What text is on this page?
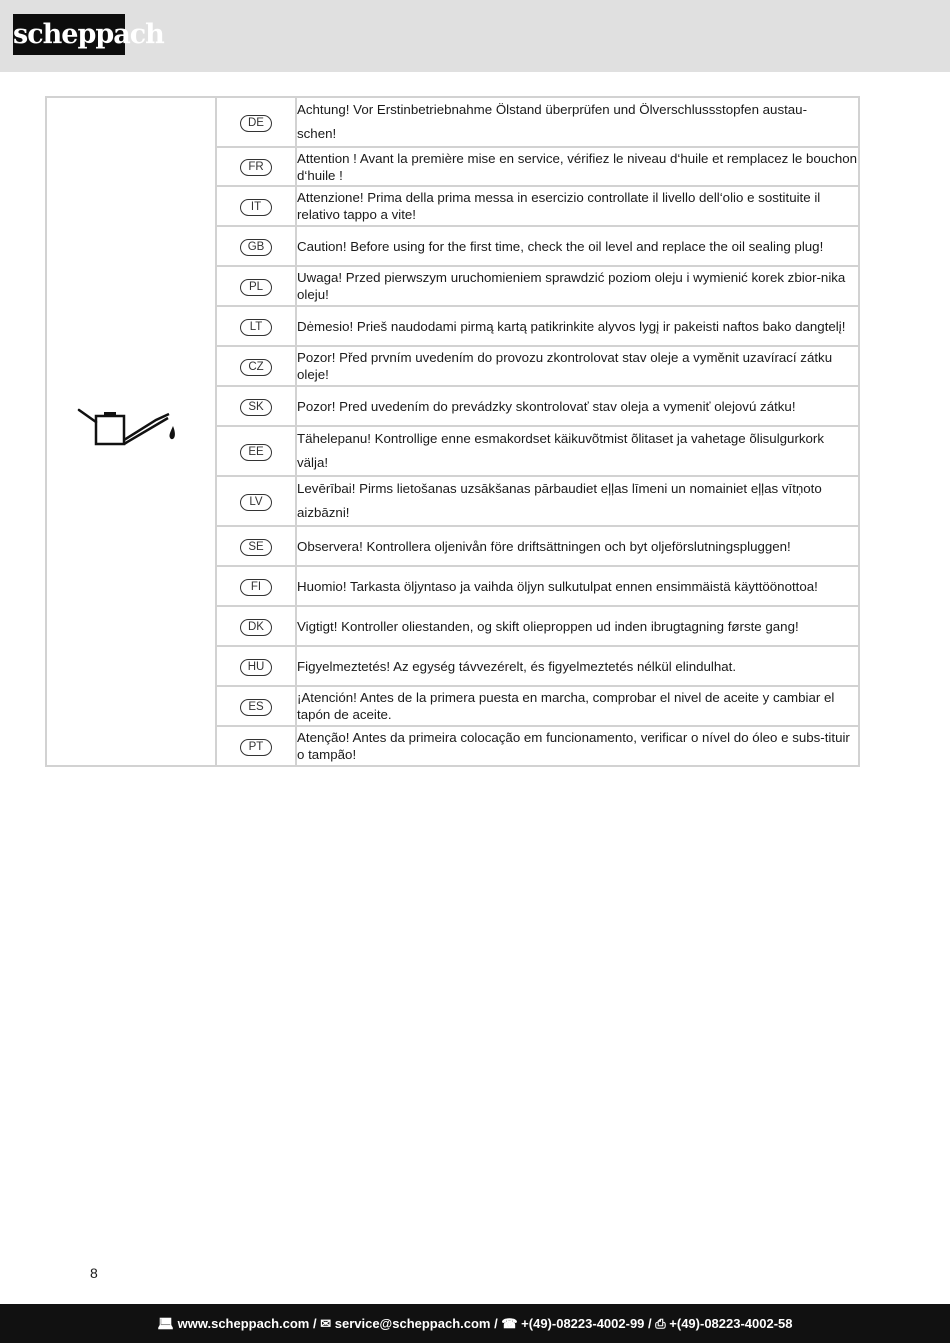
scheppach
	DE	Achtung! Vor Erstinbetriebnahme Ölstand überprüfen und Ölverschlussstopfen austau-
schen!
	FR	Attention ! Avant la première mise en service, vérifiez le niveau d‘huile et remplacez le bouchon d‘huile !
	IT	Attenzione! Prima della prima messa in esercizio controllate il livello dell‘olio e sostituite il relativo tappo a vite!
	GB	Caution! Before using for the first time, check the oil level and replace the oil sealing plug!
	PL	Uwaga! Przed pierwszym uruchomieniem sprawdzić poziom oleju i wymienić korek zbior-nika oleju!
	LT	Dėmesio! Prieš naudodami pirmą kartą patikrinkite alyvos lygį ir pakeisti naftos bako dangtelį!
	CZ	Pozor! Před prvním uvedením do provozu zkontrolovat stav oleje a vyměnit uzavírací zátku oleje!
	SK	Pozor! Pred uvedením do prevádzky skontrolovať stav oleja a vymeniť olejovú zátku!
	EE	Tähelepanu! Kontrollige enne esmakordset käikuvõtmist õlitaset ja vahetage õlisulgurkork
välja!
	LV	Levērībai! Pirms lietošanas uzsākšanas pārbaudiet eļļas līmeni un nomainiet eļļas vītņoto
aizbāzni!
	SE	Observera! Kontrollera oljenivån före driftsättningen och byt oljeförslutningspluggen!
	FI	Huomio! Tarkasta öljyntaso ja vaihda öljyn sulkutulpat ennen ensimmäistä käyttöönottoa!
	DK	Vigtigt! Kontroller oliestanden, og skift olieproppen ud inden ibrugtagning første gang!
	HU	Figyelmeztetés! Az egység távvezérelt, és figyelmeztetés nélkül elindulhat.
	ES	¡Atención! Antes de la primera puesta en marcha, comprobar el nivel de aceite y cambiar el tapón de aceite.
	PT	Atenção! Antes da primeira colocação em funcionamento, verificar o nível do óleo e subs-tituir o tampão!
8
💻︎ www.scheppach.com / ✉︎ service@scheppach.com / ☎ +(49)-08223-4002-99 / ⎙ +(49)-08223-4002-58
